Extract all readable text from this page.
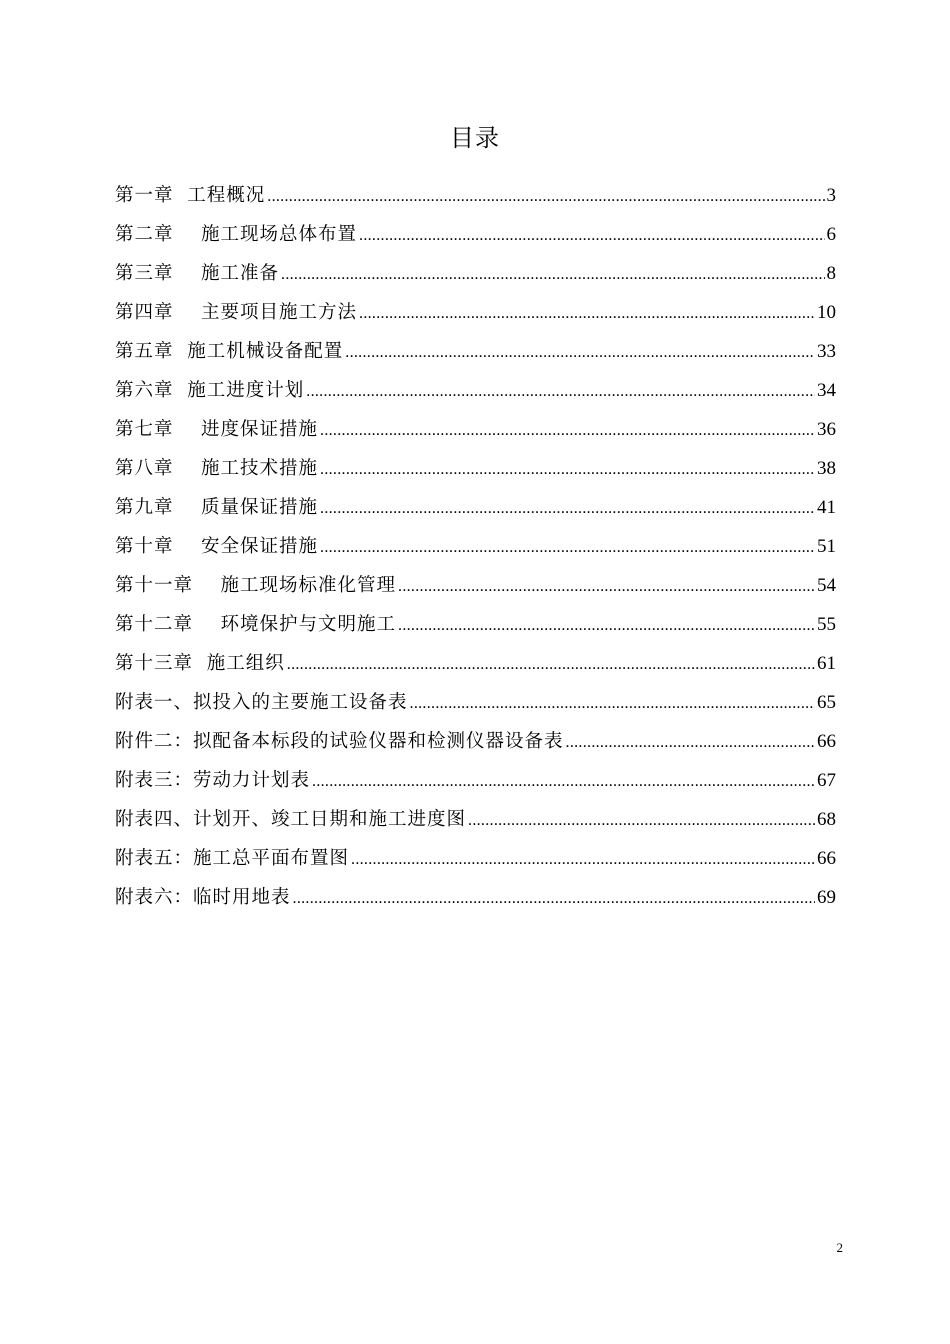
目录
第一章  工程概况 .....	3
第二章    施工现场总体布置 .....	6
第三章    施工准备 .....	8
第四章    主要项目施工方法 .....	10
第五章  施工机械设备配置 .....	33
第六章  施工进度计划 .....	34
第七章    进度保证措施 .....	36
第八章    施工技术措施 .....	38
第九章    质量保证措施 .....	41
第十章    安全保证措施 .....	51
第十一章    施工现场标准化管理 .....	54
第十二章    环境保护与文明施工 .....	55
第十三章  施工组织 .....	61
附表一、拟投入的主要施工设备表 .....	65
附件二：拟配备本标段的试验仪器和检测仪器设备表 .....	66
附表三：劳动力计划表 .....	67
附表四、计划开、竣工日期和施工进度图 .....	68
附表五：施工总平面布置图 .....	66
附表六：临时用地表 .....	69
2
